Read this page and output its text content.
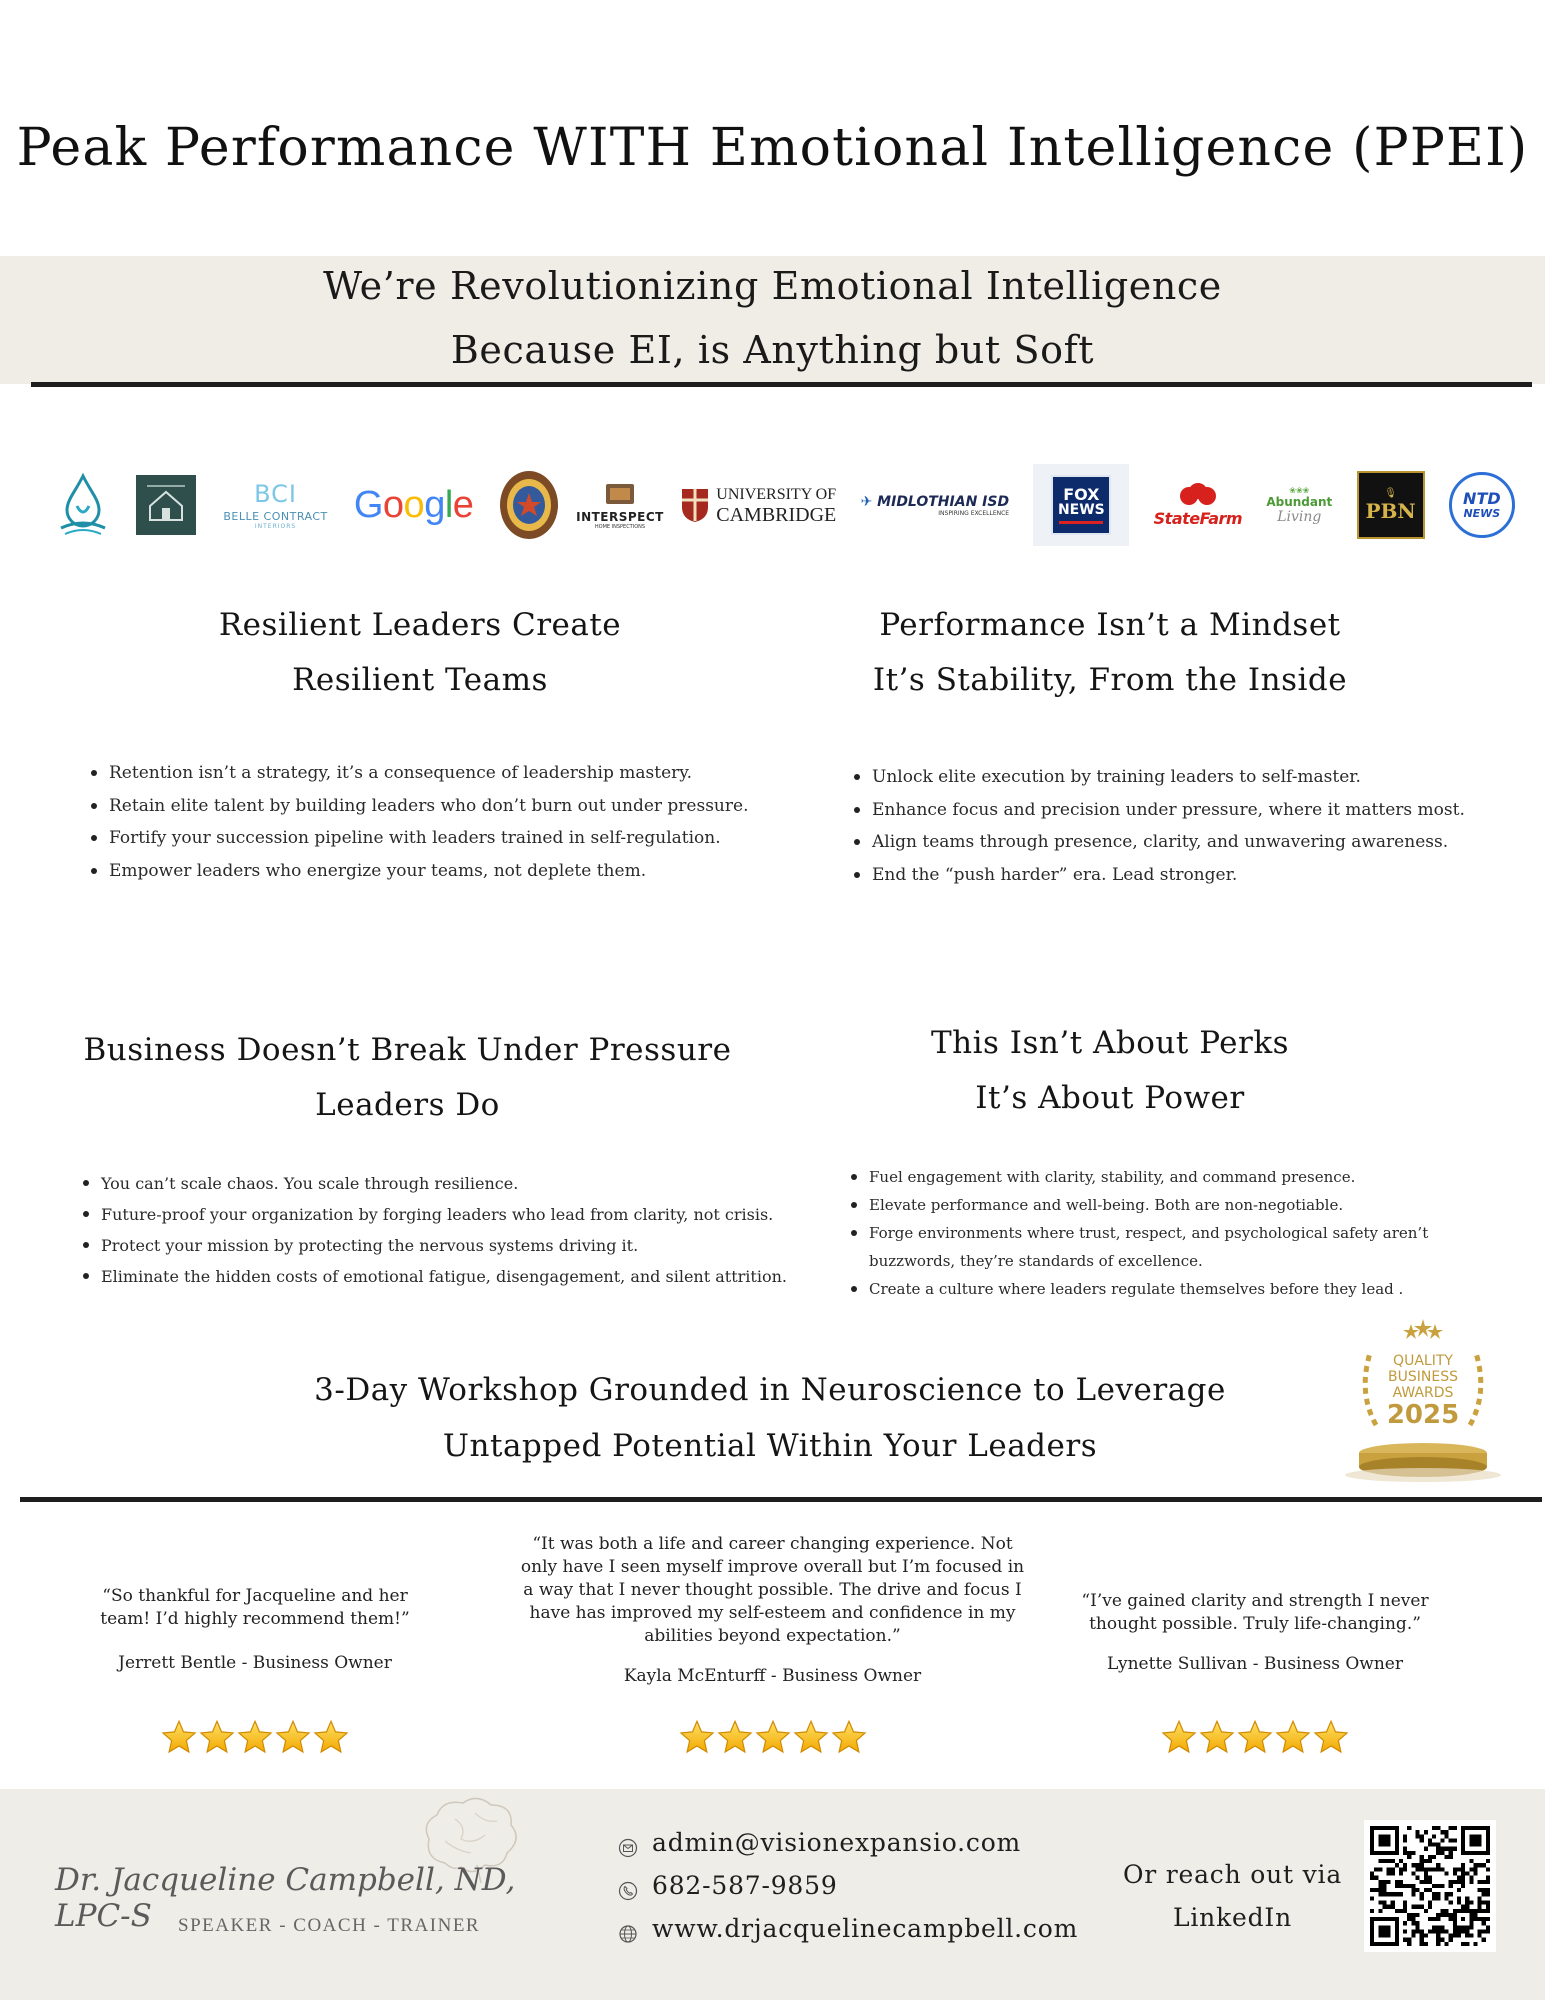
Peak Performance WITH Emotional Intelligence (PPEI)
We’re Revolutionizing Emotional Intelligence
Because EI, is Anything but Soft
BCI
BELLE CONTRACT
INTERIORS
Google	INTERSPECT
HOME INSPECTIONS
UNIVERSITY OF
CAMBRIDGE
✈ MIDLOTHIAN ISD
INSPIRING EXCELLENCE
FOX
NEWS	StateFarm
❀❀❀
Abundant
Living
🎙
PBN
NTD
NEWS
Resilient Leaders Create
Resilient Teams
Retention isn’t a strategy, it’s a consequence of leadership mastery.
Retain elite talent by building leaders who don’t burn out under pressure.
Fortify your succession pipeline with leaders trained in self-regulation.
Empower leaders who energize your teams, not deplete them.
Performance Isn’t a Mindset
It’s Stability, From the Inside
Unlock elite execution by training leaders to self-master.
Enhance focus and precision under pressure, where it matters most.
Align teams through presence, clarity, and unwavering awareness.
End the “push harder” era. Lead stronger.
Business Doesn’t Break Under Pressure
Leaders Do
You can’t scale chaos. You scale through resilience.
Future-proof your organization by forging leaders who lead from clarity, not crisis.
Protect your mission by protecting the nervous systems driving it.
Eliminate the hidden costs of emotional fatigue, disengagement, and silent attrition.
This Isn’t About Perks
It’s About Power
Fuel engagement with clarity, stability, and command presence.
Elevate performance and well-being. Both are non-negotiable.
Forge environments where trust, respect, and psychological safety aren’t buzzwords, they’re standards of excellence.
Create a culture where leaders regulate themselves before they lead .
3-Day Workshop Grounded in Neuroscience to Leverage
Untapped Potential Within Your Leaders
QUALITY
BUSINESS
AWARDS
2025
“So thankful for Jacqueline and her team! I’d highly recommend them!”
Jerrett Bentle - Business Owner
“It was both a life and career changing experience. Not only have I seen myself improve overall but I’m focused in a way that I never thought possible. The drive and focus I have has improved my self-esteem and confidence in my abilities beyond expectation.”
Kayla McEnturff - Business Owner
“I’ve gained clarity and strength I never thought possible. Truly life-changing.”
Lynette Sullivan - Business Owner
Dr. Jacqueline Campbell, ND, LPC-S	SPEAKER - COACH - TRAINER
admin@visionexpansio.com
682-587-9859
www.drjacquelinecampbell.com
Or reach out via
LinkedIn
